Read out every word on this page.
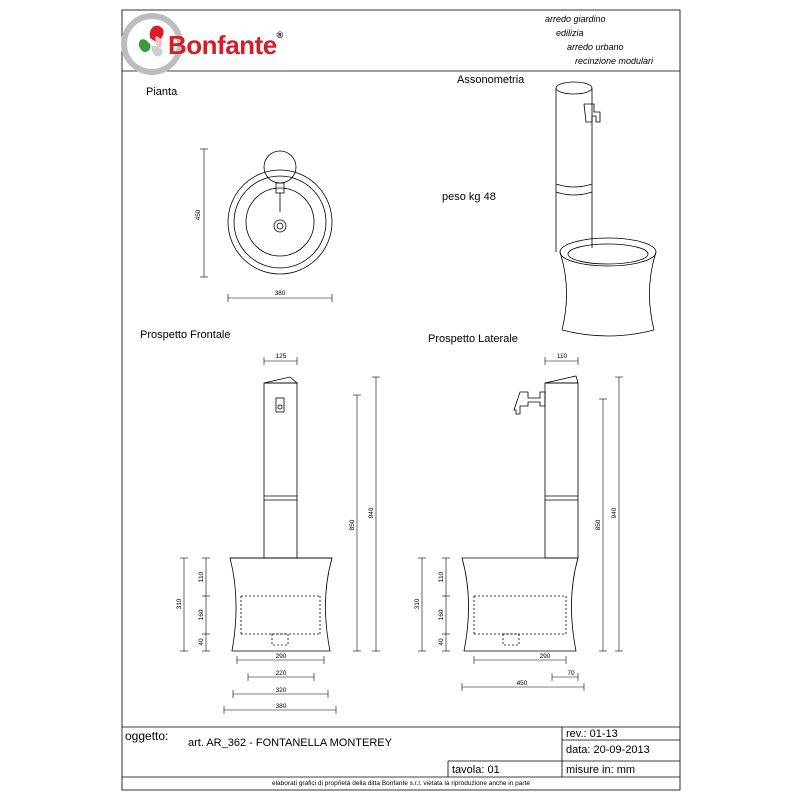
450
380
125
850
940
310
110
160
40
290
220
320
380
110
850
940
310
110
160
40
290
70
450
Bonfante®
arredo giardino
edilizia
arredo urbano
recinzione modulari
Pianta
Assonometria
Prospetto Frontale	Prospetto Laterale
peso kg 48
oggetto: art. AR_362 - FONTANELLA MONTEREY
rev.: 01-13
data: 20-09-2013
tavola: 01	misure in: mm
elaborati grafici di proprietà della ditta Bonfante s.r.l. vietata la riproduzione anche in parte
